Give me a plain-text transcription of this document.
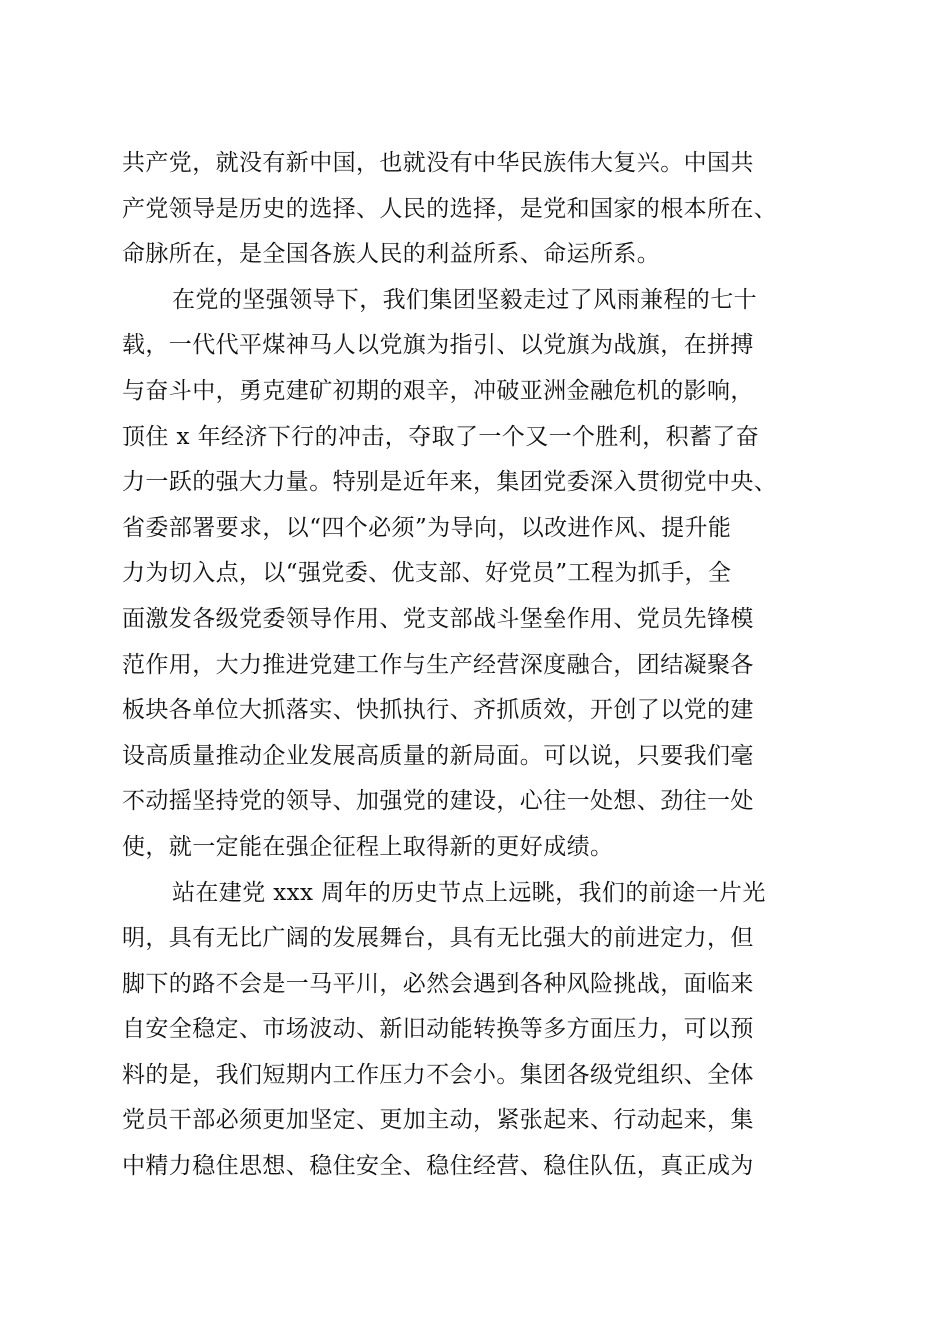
共产党，就没有新中国，也就没有中华民族伟大复兴。中国共
产党领导是历史的选择、人民的选择，是党和国家的根本所在、
命脉所在，是全国各族人民的利益所系、命运所系。
在党的坚强领导下，我们集团坚毅走过了风雨兼程的七十
载，一代代平煤神马人以党旗为指引、以党旗为战旗，在拼搏
与奋斗中，勇克建矿初期的艰辛，冲破亚洲金融危机的影响，
顶住 x 年经济下行的冲击，夺取了一个又一个胜利，积蓄了奋
力一跃的强大力量。特别是近年来，集团党委深入贯彻党中央、
省委部署要求，以“四个必须”为导向，以改进作风、提升能
力为切入点，以“强党委、优支部、好党员”工程为抓手，全
面激发各级党委领导作用、党支部战斗堡垒作用、党员先锋模
范作用，大力推进党建工作与生产经营深度融合，团结凝聚各
板块各单位大抓落实、快抓执行、齐抓质效，开创了以党的建
设高质量推动企业发展高质量的新局面。可以说，只要我们毫
不动摇坚持党的领导、加强党的建设，心往一处想、劲往一处
使，就一定能在强企征程上取得新的更好成绩。
站在建党 xxx 周年的历史节点上远眺，我们的前途一片光
明，具有无比广阔的发展舞台，具有无比强大的前进定力，但
脚下的路不会是一马平川，必然会遇到各种风险挑战，面临来
自安全稳定、市场波动、新旧动能转换等多方面压力，可以预
料的是，我们短期内工作压力不会小。集团各级党组织、全体
党员干部必须更加坚定、更加主动，紧张起来、行动起来，集
中精力稳住思想、稳住安全、稳住经营、稳住队伍，真正成为
